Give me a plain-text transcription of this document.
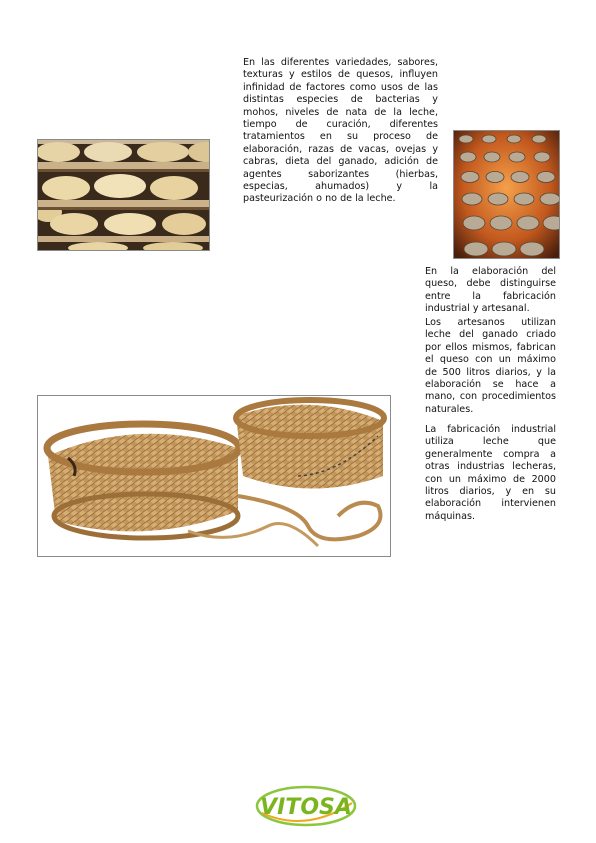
En las diferentes variedades, sabores, texturas y estilos de quesos, influyen infinidad de factores como usos de las distintas especies de bacterias y mohos, niveles de nata de la leche, tiempo de curación, diferentes tratamientos en su proceso de elaboración, razas de vacas, ovejas y cabras, dieta del ganado, adición de agentes saborizantes (hierbas, especias, ahumados) y la pasteurización o no de la leche.

En la elaboración del queso, debe distinguirse entre la fabricación industrial y artesanal.

Los artesanos utilizan leche del ganado criado por ellos mismos, fabrican el queso con un máximo de 500 litros diarios, y la elaboración se hace a mano, con procedimientos naturales.

La fabricación industrial utiliza leche que generalmente compra a otras industrias lecheras, con un máximo de 2000 litros diarios, y en su elaboración intervienen máquinas.

VITOSA
